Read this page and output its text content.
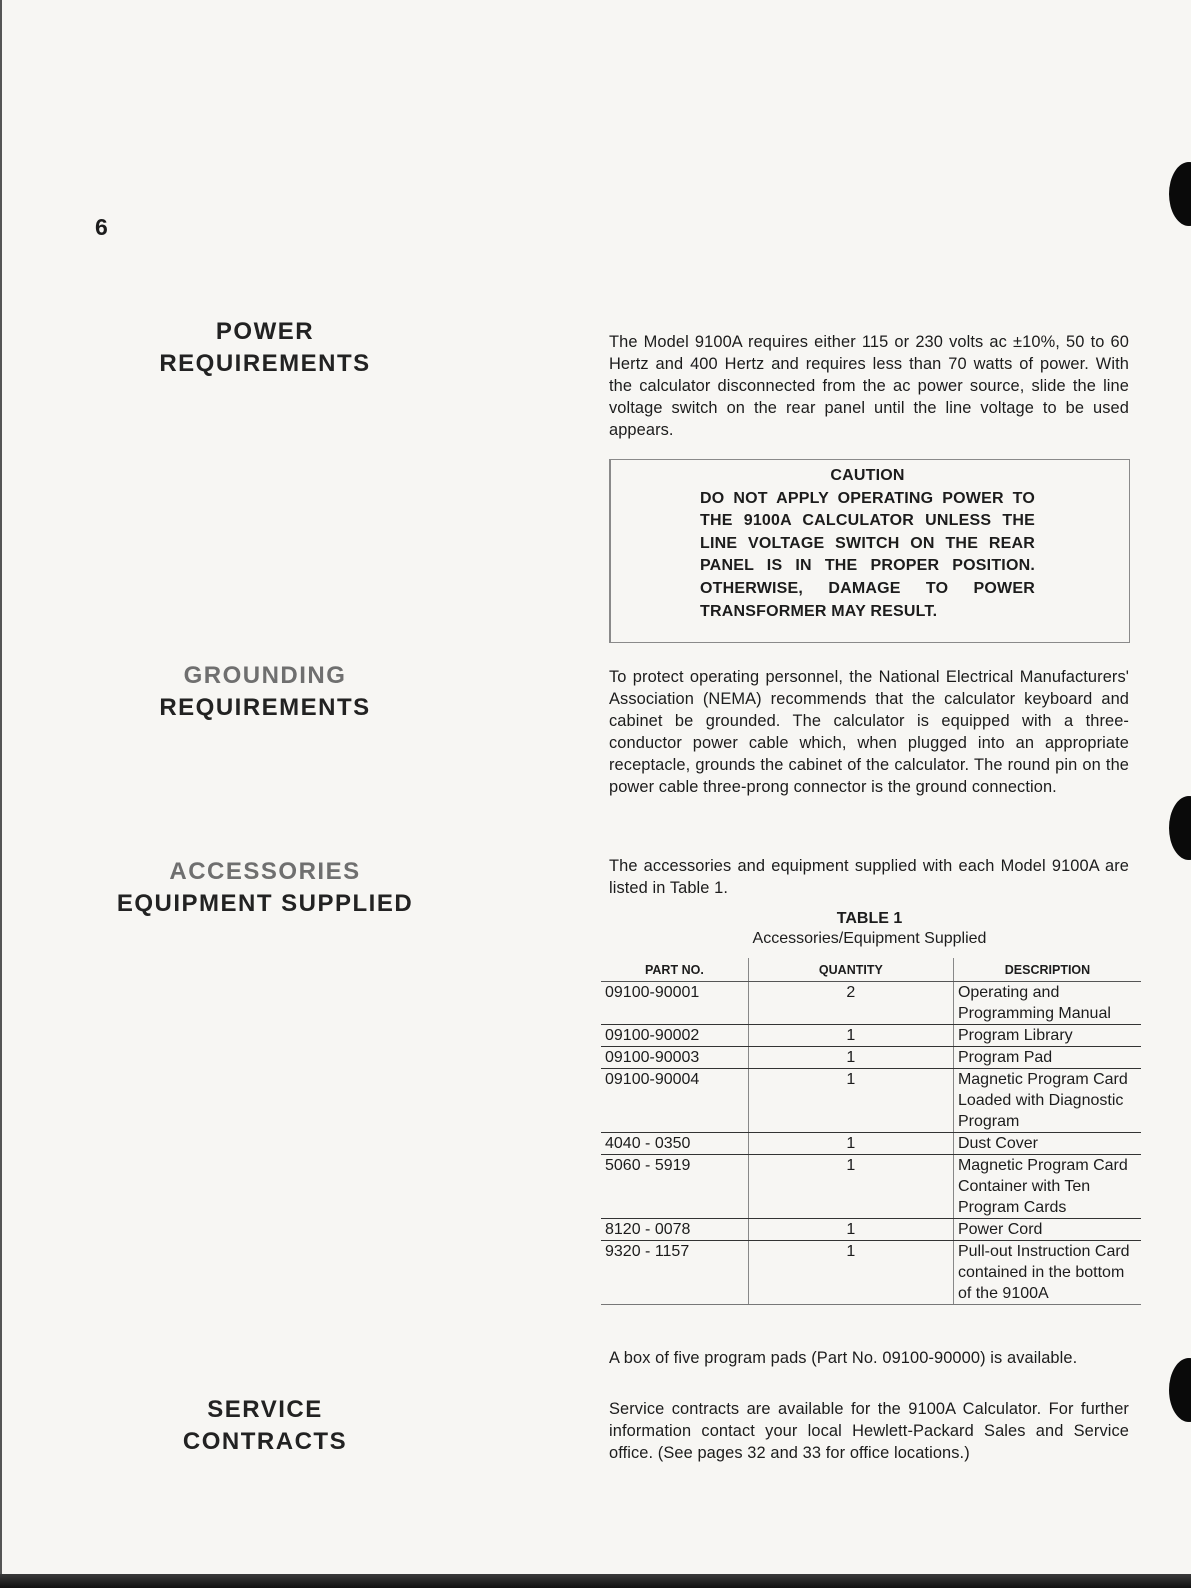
6
POWER
REQUIREMENTS

The Model 9100A requires either 115 or 230 volts ac ±10%, 50 to 60 Hertz and 400 Hertz and requires less than 70 watts of power. With the calculator disconnected from the ac power source, slide the line voltage switch on the rear panel until the line voltage to be used appears.

CAUTION
DO NOT APPLY OPERATING POWER TO THE 9100A CALCULATOR UNLESS THE LINE VOLTAGE SWITCH ON THE REAR PANEL IS IN THE PROPER POSITION. OTHERWISE, DAMAGE TO POWER TRANSFORMER MAY RESULT.
GROUNDING
REQUIREMENTS

To protect operating personnel, the National Electrical Manufacturers' Association (NEMA) recommends that the calculator keyboard and cabinet be grounded. The calculator is equipped with a three-conductor power cable which, when plugged into an appropriate receptacle, grounds the cabinet of the calculator. The round pin on the power cable three-prong connector is the ground connection.

ACCESSORIES
EQUIPMENT SUPPLIED

The accessories and equipment supplied with each Model 9100A are listed in Table 1.

TABLE 1
Accessories/Equipment Supplied
PART NO.	QUANTITY	DESCRIPTION
09100-90001	2	Operating and Programming Manual
09100-90002	1	Program Library
09100-90003	1	Program Pad
09100-90004	1	Magnetic Program Card Loaded with Diagnostic Program
4040 - 0350	1	Dust Cover
5060 - 5919	1	Magnetic Program Card Container with Ten Program Cards
8120 - 0078	1	Power Cord
9320 - 1157	1	Pull-out Instruction Card contained in the bottom of the 9100A

A box of five program pads (Part No. 09100-90000) is available.

SERVICE
CONTRACTS

Service contracts are available for the 9100A Calculator. For further information contact your local Hewlett-Packard Sales and Service office. (See pages 32 and 33 for office locations.)
